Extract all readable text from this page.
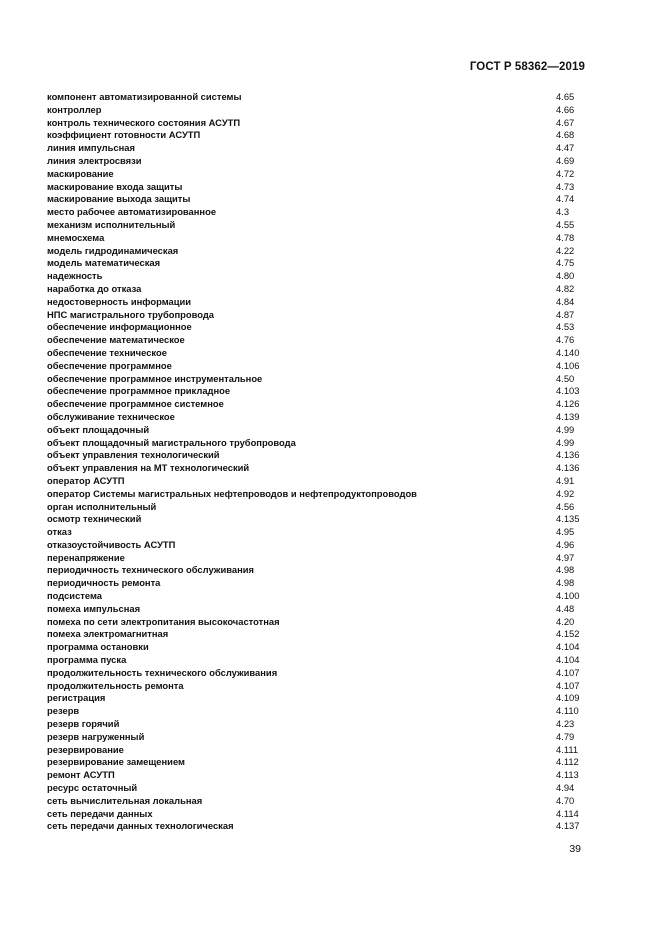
ГОСТ Р 58362—2019
компонент автоматизированной системы	4.65
контроллер	4.66
контроль технического состояния АСУТП	4.67
коэффициент готовности АСУТП	4.68
линия импульсная	4.47
линия электросвязи	4.69
маскирование	4.72
маскирование входа защиты	4.73
маскирование выхода защиты	4.74
место рабочее автоматизированное	4.3
механизм исполнительный	4.55
мнемосхема	4.78
модель гидродинамическая	4.22
модель математическая	4.75
надежность	4.80
наработка до отказа	4.82
недостоверность информации	4.84
НПС магистрального трубопровода	4.87
обеспечение информационное	4.53
обеспечение математическое	4.76
обеспечение техническое	4.140
обеспечение программное	4.106
обеспечение программное инструментальное	4.50
обеспечение программное прикладное	4.103
обеспечение программное системное	4.126
обслуживание техническое	4.139
объект площадочный	4.99
объект площадочный магистрального трубопровода	4.99
объект управления технологический	4.136
объект управления на МТ технологический	4.136
оператор АСУТП	4.91
оператор Системы магистральных нефтепроводов и нефтепродуктопроводов	4.92
орган исполнительный	4.56
осмотр технический	4.135
отказ	4.95
отказоустойчивость АСУТП	4.96
перенапряжение	4.97
периодичность технического обслуживания	4.98
периодичность ремонта	4.98
подсистема	4.100
помеха импульсная	4.48
помеха по сети электропитания высокочастотная	4.20
помеха электромагнитная	4.152
программа остановки	4.104
программа пуска	4.104
продолжительность технического обслуживания	4.107
продолжительность ремонта	4.107
регистрация	4.109
резерв	4.110
резерв горячий	4.23
резерв нагруженный	4.79
резервирование	4.111
резервирование замещением	4.112
ремонт АСУТП	4.113
ресурс остаточный	4.94
сеть вычислительная локальная	4.70
сеть передачи данных	4.114
сеть передачи данных технологическая	4.137
39
